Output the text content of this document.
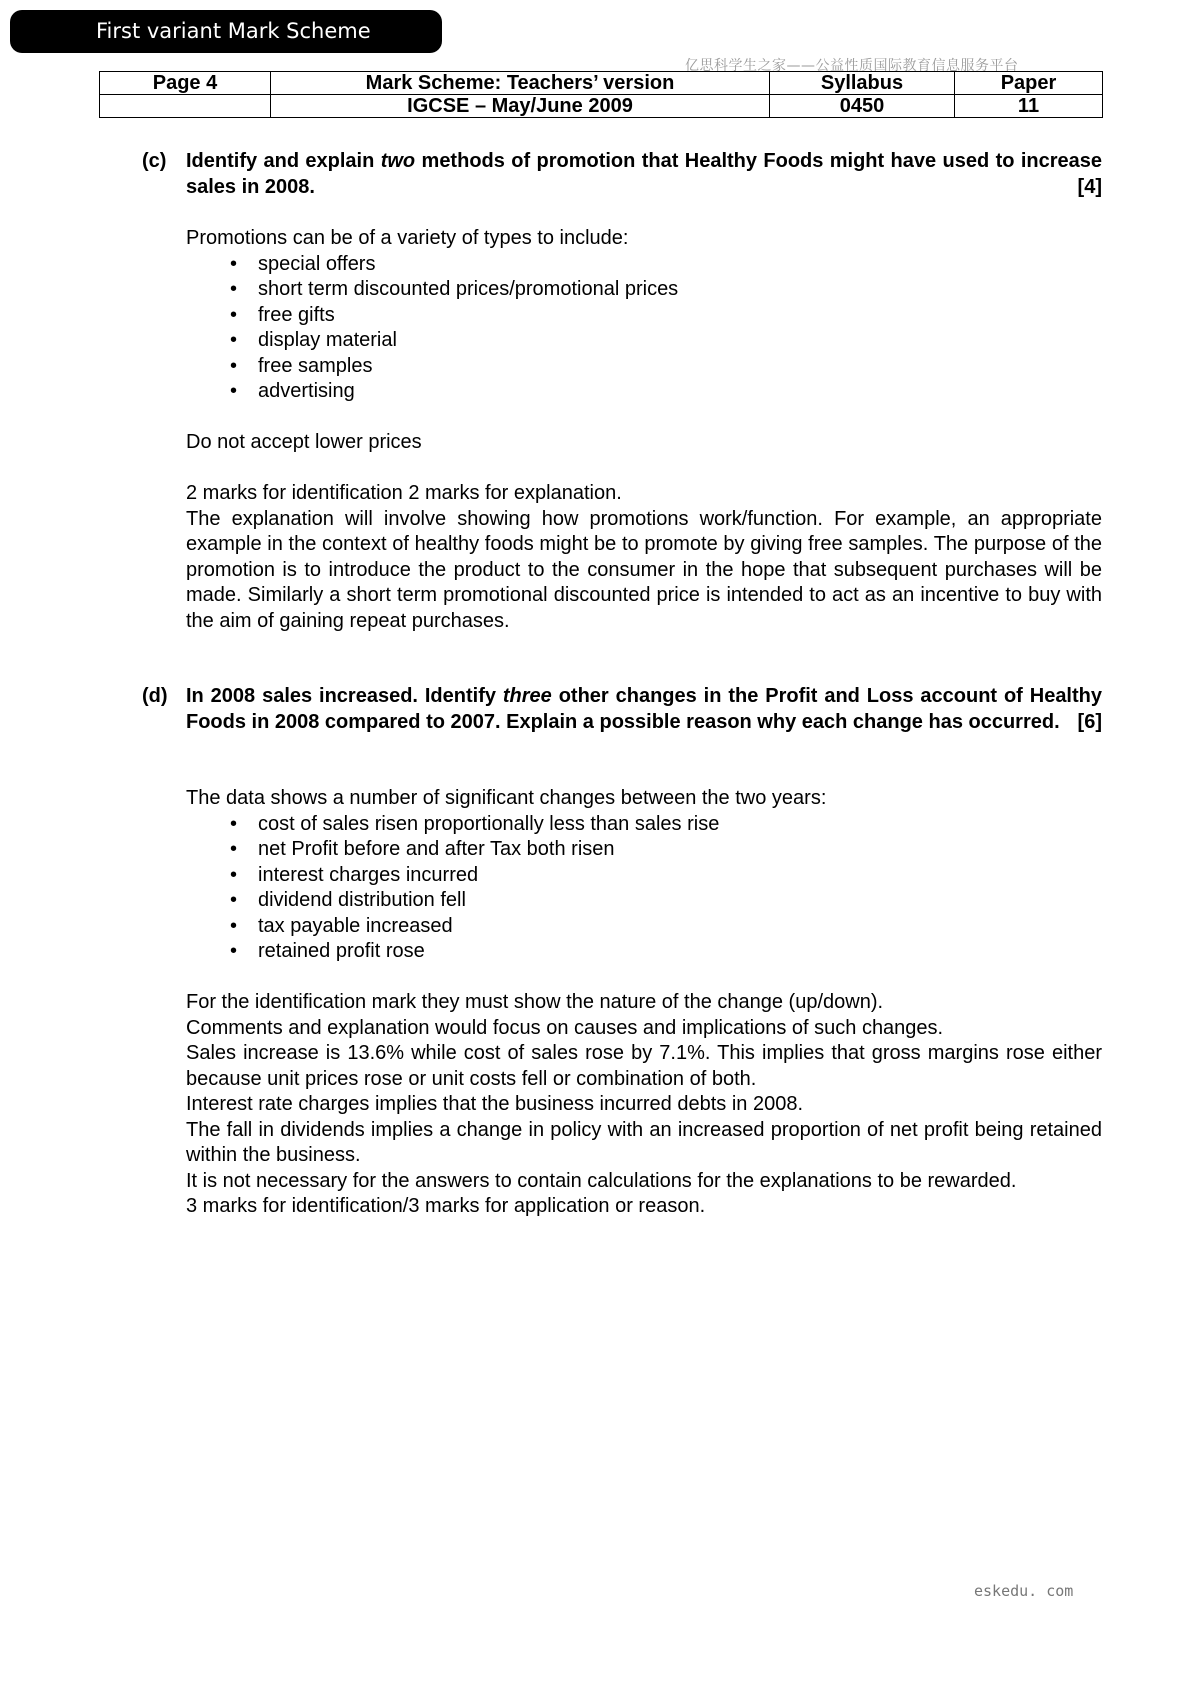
First variant Mark Scheme
亿思科学生之家——公益性质国际教育信息服务平台
Page 4	Mark Scheme: Teachers’ version	Syllabus	Paper
	IGCSE – May/June 2009	0450	11
(c) Identify and explain two methods of promotion that Healthy Foods might have used to increase sales in 2008.	[4]

Promotions can be of a variety of types to include:

• special offers
• short term discounted prices/promotional prices
• free gifts
• display material
• free samples
• advertising

Do not accept lower prices

2 marks for identification 2 marks for explanation.

The explanation will involve showing how promotions work/function. For example, an appropriate example in the context of healthy foods might be to promote by giving free samples. The purpose of the promotion is to introduce the product to the consumer in the hope that subsequent purchases will be made. Similarly a short term promotional discounted price is intended to act as an incentive to buy with the aim of gaining repeat purchases.

(d) In 2008 sales increased. Identify three other changes in the Profit and Loss account of Healthy Foods in 2008 compared to 2007. Explain a possible reason why each change has occurred. [6]

The data shows a number of significant changes between the two years:

• cost of sales risen proportionally less than sales rise
• net Profit before and after Tax both risen
• interest charges incurred
• dividend distribution fell
• tax payable increased
• retained profit rose

For the identification mark they must show the nature of the change (up/down).

Comments and explanation would focus on causes and implications of such changes.

Sales increase is 13.6% while cost of sales rose by 7.1%. This implies that gross margins rose either because unit prices rose or unit costs fell or combination of both.

Interest rate charges implies that the business incurred debts in 2008.

The fall in dividends implies a change in policy with an increased proportion of net profit being retained within the business.

It is not necessary for the answers to contain calculations for the explanations to be rewarded.

3 marks for identification/3 marks for application or reason.

eskedu. com
